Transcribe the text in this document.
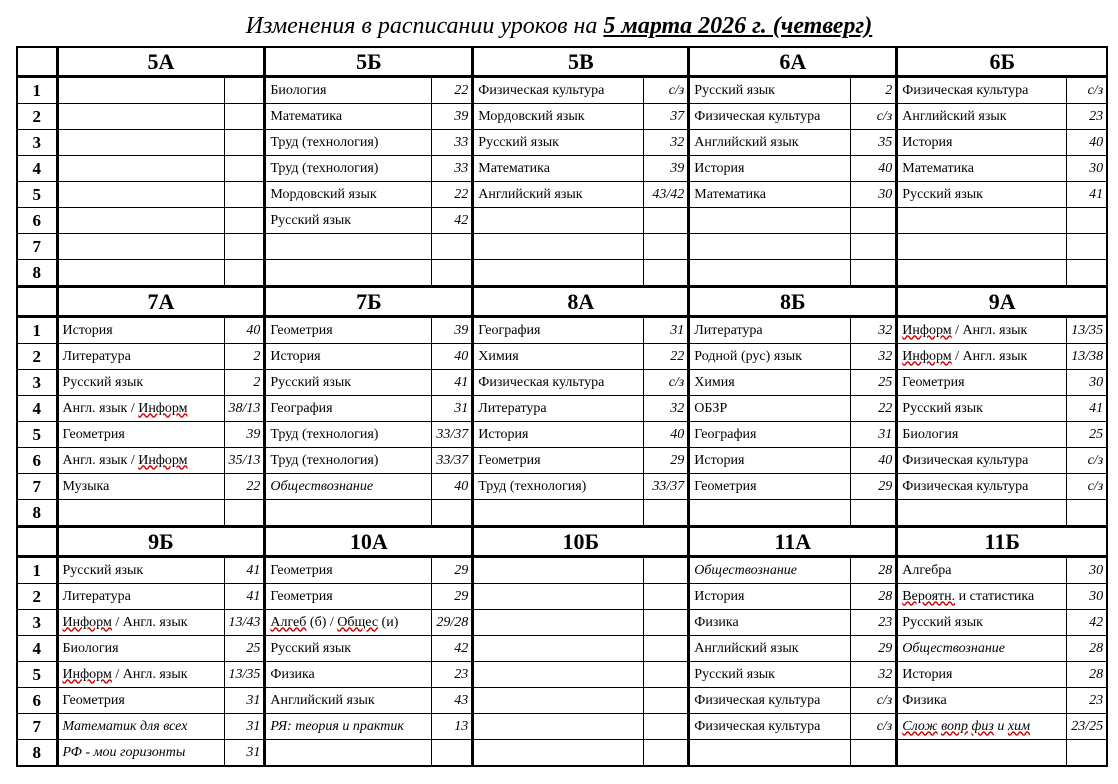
Изменения в расписании уроков на 5 марта 2026 г. (четверг)
	5А		5Б		5В		6А		6Б	
1			Биология	22	Физическая культура	с/з	Русский язык	2	Физическая культура	с/з
2			Математика	39	Мордовский язык	37	Физическая культура	с/з	Английский язык	23
3			Труд (технология)	33	Русский язык	32	Английский язык	35	История	40
4			Труд (технология)	33	Математика	39	История	40	Математика	30
5			Мордовский язык	22	Английский язык	43/42	Математика	30	Русский язык	41
6			Русский язык	42						
7										
8										
	7А		7Б		8А		8Б		9А	
1	История	40	Геометрия	39	География	31	Литература	32	Информ / Англ. язык	13/35
2	Литература	2	История	40	Химия	22	Родной (рус) язык	32	Информ / Англ. язык	13/38
3	Русский язык	2	Русский язык	41	Физическая культура	с/з	Химия	25	Геометрия	30
4	Англ. язык / Информ	38/13	География	31	Литература	32	ОБЗР	22	Русский язык	41
5	Геометрия	39	Труд (технология)	33/37	История	40	География	31	Биология	25
6	Англ. язык / Информ	35/13	Труд (технология)	33/37	Геометрия	29	История	40	Физическая культура	с/з
7	Музыка	22	Обществознание	40	Труд (технология)	33/37	Геометрия	29	Физическая культура	с/з
8										
	9Б		10А		10Б		11А		11Б	
1	Русский язык	41	Геометрия	29			Обществознание	28	Алгебра	30
2	Литература	41	Геометрия	29			История	28	Вероятн. и статистика	30
3	Информ / Англ. язык	13/43	Алгеб (б) / Общес (и)	29/28			Физика	23	Русский язык	42
4	Биология	25	Русский язык	42			Английский язык	29	Обществознание	28
5	Информ / Англ. язык	13/35	Физика	23			Русский язык	32	История	28
6	Геометрия	31	Английский язык	43			Физическая культура	с/з	Физика	23
7	Математик для всех	31	РЯ: теория и практик	13			Физическая культура	с/з	Слож вопр физ и хим	23/25
8	РФ - мои горизонты	31								
